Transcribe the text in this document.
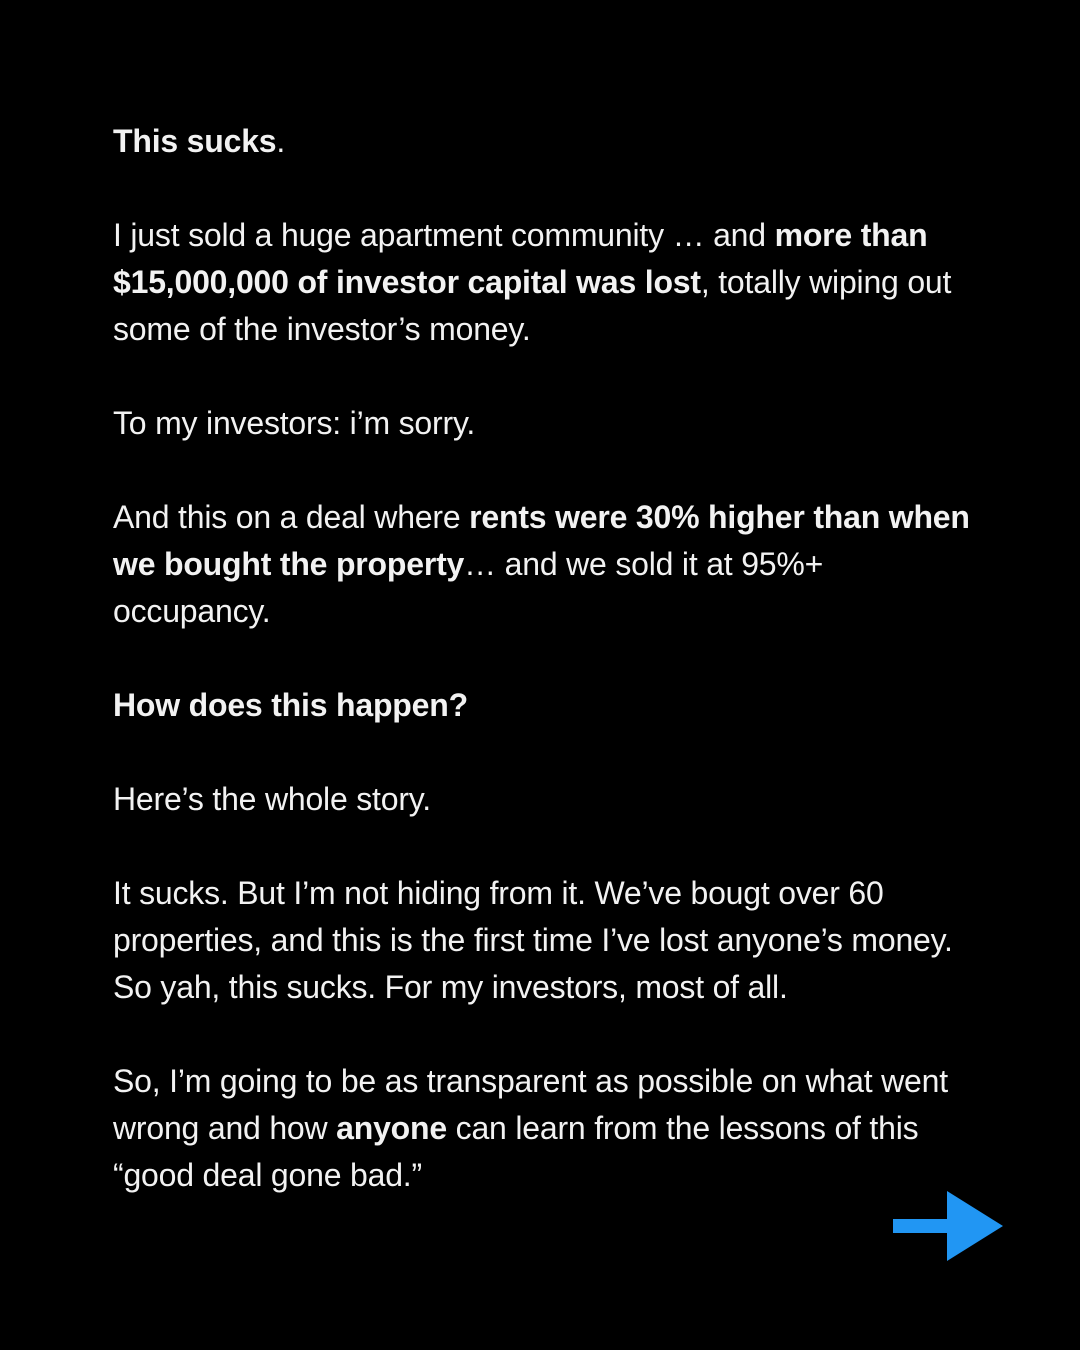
This sucks.

I just sold a huge apartment community … and more than $15,000,000 of investor capital was lost, totally wiping out some of the investor’s money.

To my investors: i’m sorry.

And this on a deal where rents were 30% higher than when we bought the property… and we sold it at 95%+ occupancy.

How does this happen?

Here’s the whole story.

It sucks. But I’m not hiding from it. We’ve bougt over 60 properties, and this is the first time I’ve lost anyone’s money. So yah, this sucks. For my investors, most of all.

So, I’m going to be as transparent as possible on what went wrong and how anyone can learn from the lessons of this “good deal gone bad.”
